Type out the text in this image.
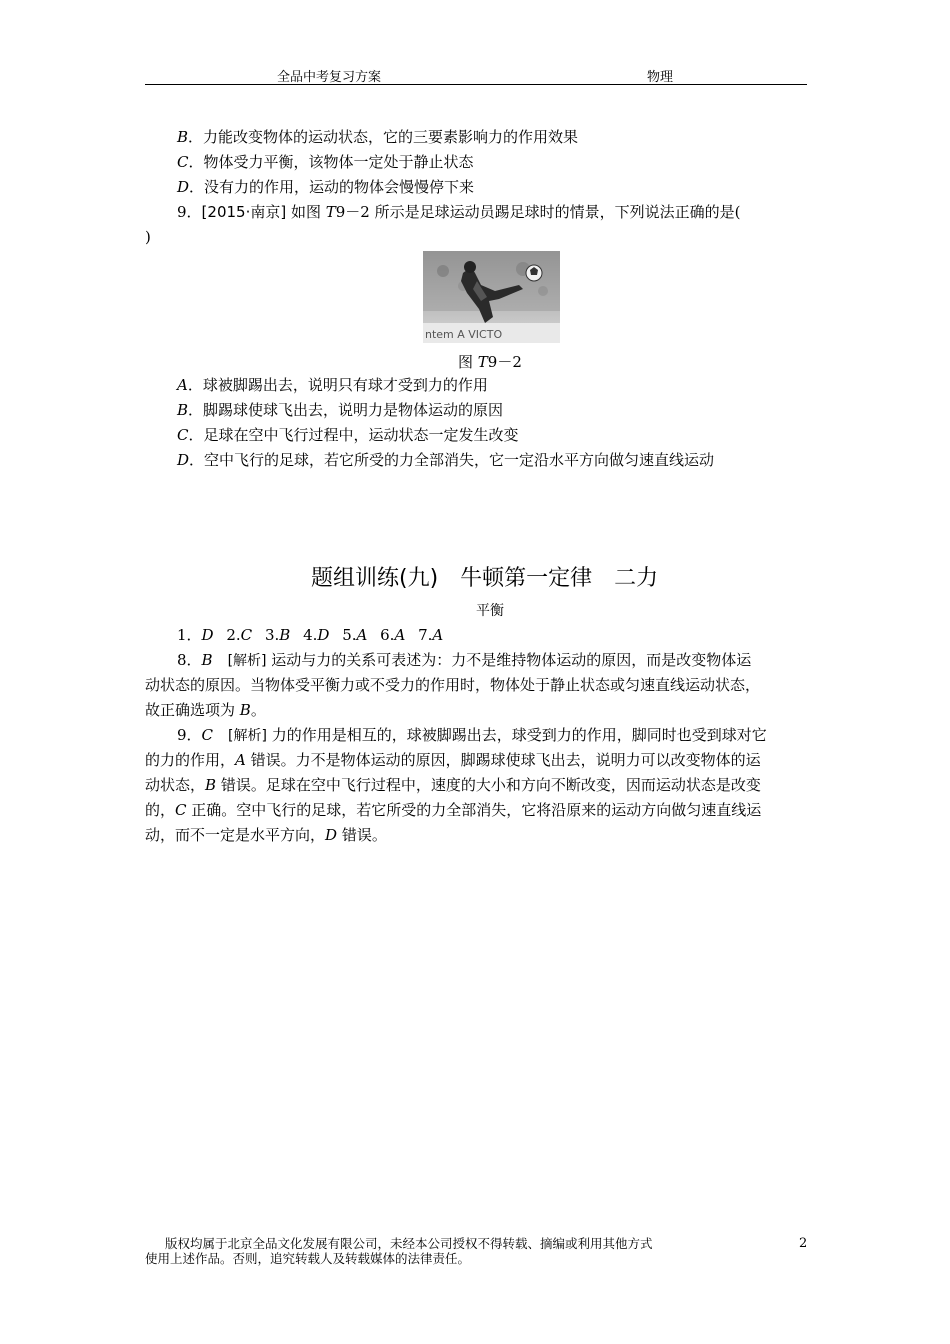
全品中考复习方案	物理
B．力能改变物体的运动状态，它的三要素影响力的作用效果
C．物体受力平衡，该物体一定处于静止状态
D．没有力的作用，运动的物体会慢慢停下来
9．[2015·南京] 如图 T9－2 所示是足球运动员踢足球时的情景，下列说法正确的是(
)
ntem A VICTO
图 T9－2
A．球被脚踢出去，说明只有球才受到力的作用
B．脚踢球使球飞出去，说明力是物体运动的原因
C．足球在空中飞行过程中，运动状态一定发生改变
D．空中飞行的足球，若它所受的力全部消失，它一定沿水平方向做匀速直线运动
题组训练(九)　牛顿第一定律　二力
平衡
1．D 2.C 3.B 4.D 5.A 6.A 7.A
8．B　 [解析] 运动与力的关系可表述为：力不是维持物体运动的原因，而是改变物体运
动状态的原因。当物体受平衡力或不受力的作用时，物体处于静止状态或匀速直线运动状态，
故正确选项为 B。
9．C　 [解析] 力的作用是相互的，球被脚踢出去，球受到力的作用，脚同时也受到球对它
的力的作用，A 错误。力不是物体运动的原因，脚踢球使球飞出去，说明力可以改变物体的运
动状态，B 错误。足球在空中飞行过程中，速度的大小和方向不断改变，因而运动状态是改变
的，C 正确。空中飞行的足球，若它所受的力全部消失，它将沿原来的运动方向做匀速直线运
动，而不一定是水平方向，D 错误。
版权均属于北京全品文化发展有限公司，未经本公司授权不得转载、摘编或利用其他方式
使用上述作品。否则，追究转载人及转载媒体的法律责任。
2
